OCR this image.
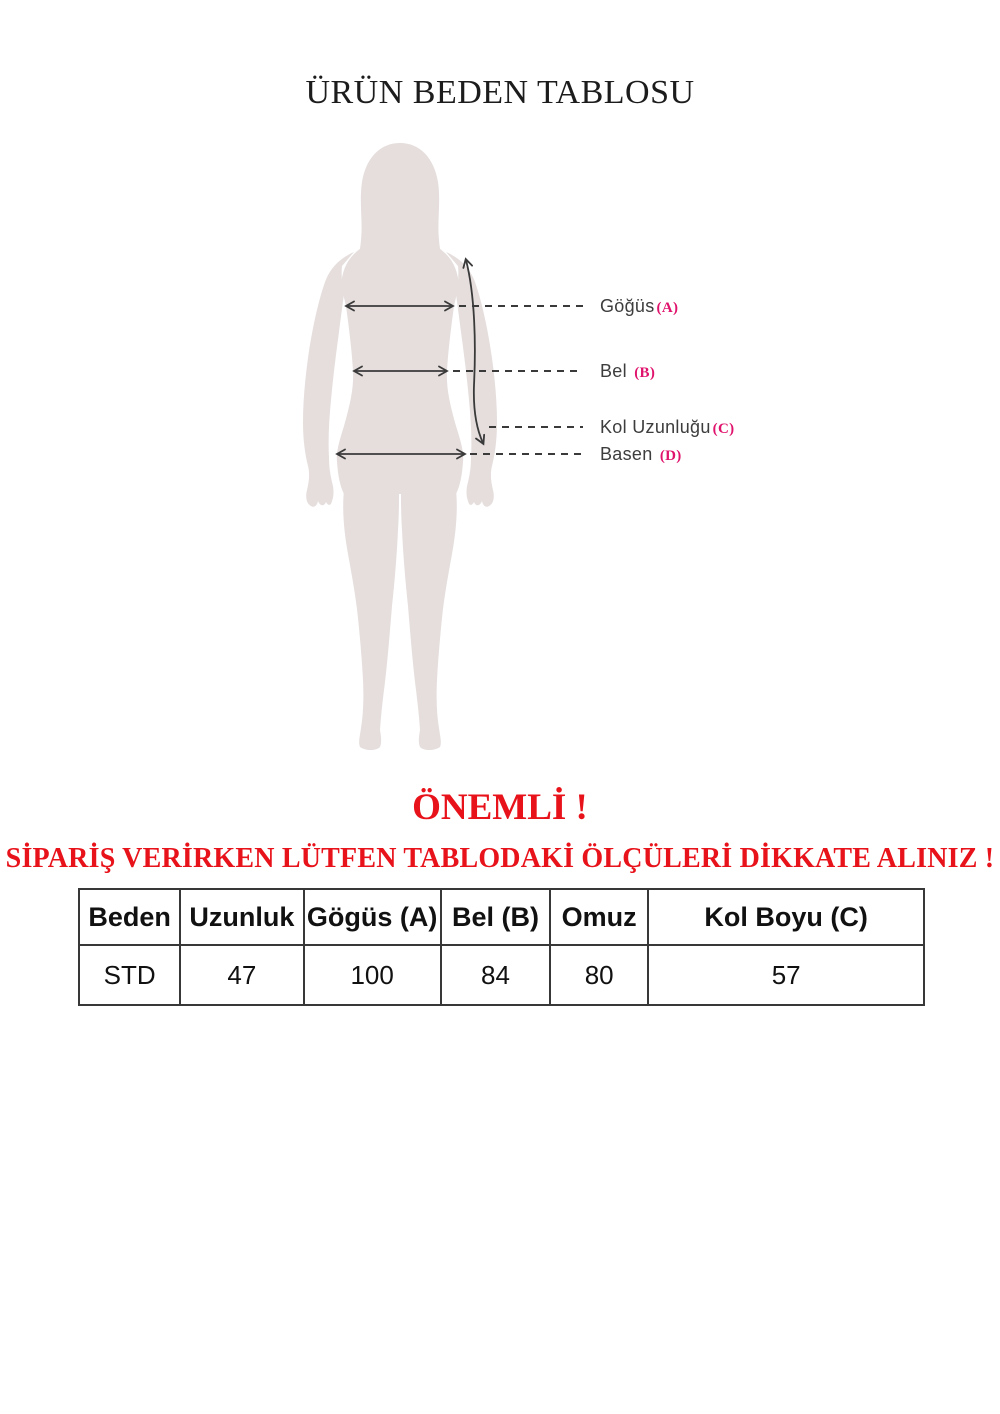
ÜRÜN BEDEN TABLOSU
Göğüs (A)
Bel (B)
Kol Uzunluğu (C)
Basen (D)
ÖNEMLİ !
SİPARİŞ VERİRKEN LÜTFEN TABLODAKİ ÖLÇÜLERİ DİKKATE ALINIZ !
Beden	Uzunluk	Gögüs (A)	Bel (B)	Omuz	Kol Boyu (C)
STD	47	100	84	80	57
